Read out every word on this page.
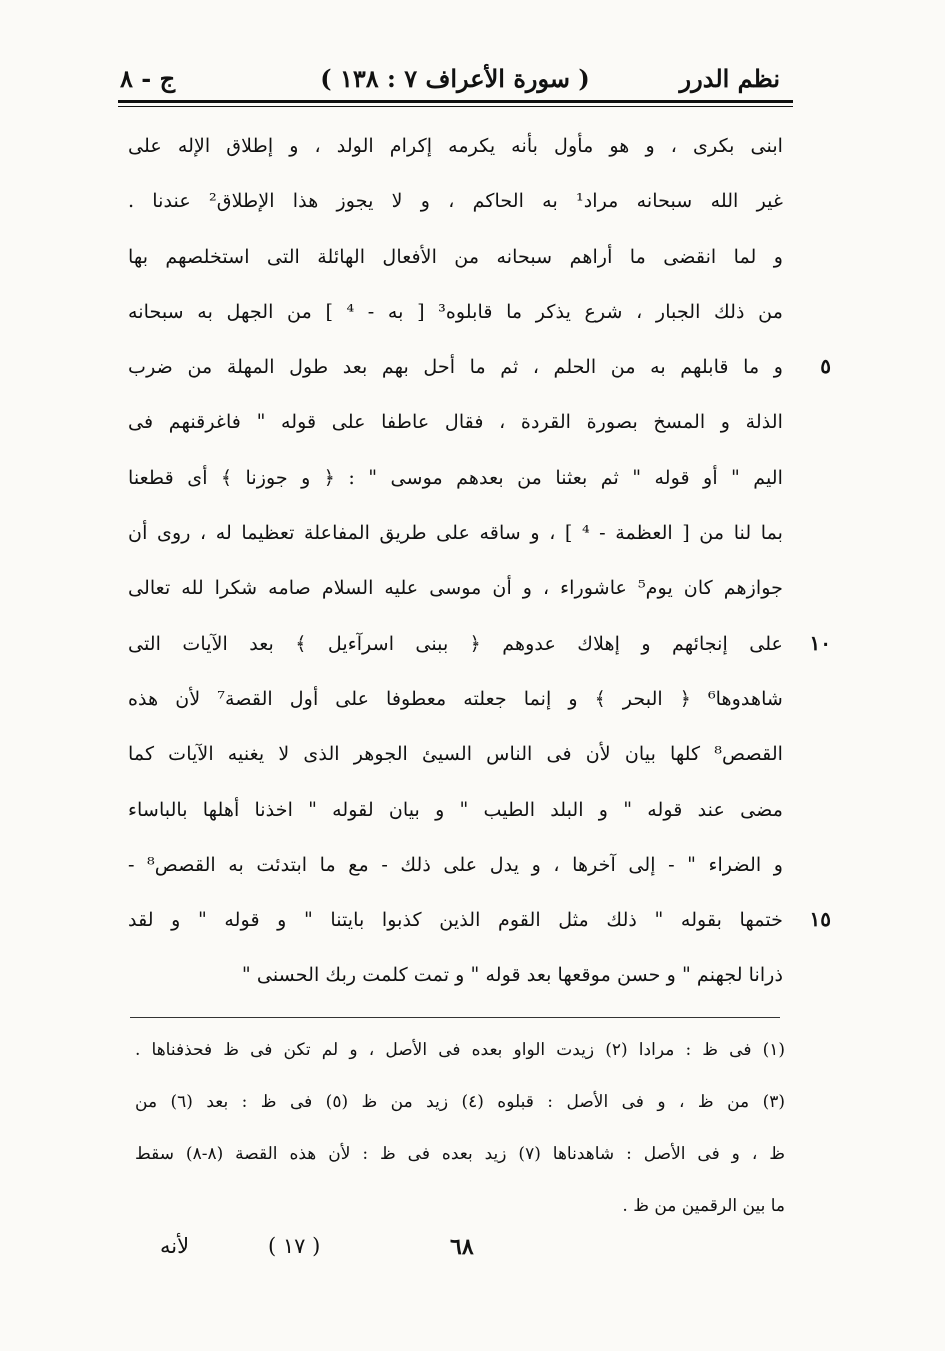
نظم الدرر
( سورة الأعراف ٧ : ١٣٨ )
ج - ٨
ابنى بكرى ، و هو مأول بأنه يكرمه إكرام الولد ، و إطلاق الإله على
غير الله سبحانه مراد¹ به الحاكم ، و لا يجوز هذا الإطلاق² عندنا .
و لما انقضى ما أراهم سبحانه من الأفعال الهائلة التى استخلصهم بها
من ذلك الجبار ، شرع يذكر ما قابلوه³ [ به - ⁴ ] من الجهل به سبحانه
٥
و ما قابلهم به من الحلم ، ثم ما أحل بهم بعد طول المهلة من ضرب
الذلة و المسخ بصورة القردة ، فقال عاطفا على قوله " فاغرقنهم فى
اليم " أو قوله " ثم بعثنا من بعدهم موسى " : ﴿ و جوزنا ﴾ أى قطعنا
بما لنا من [ العظمة - ⁴ ] ، و ساقه على طريق المفاعلة تعظيما له ، روى أن
جوازهم كان يوم⁵ عاشوراء ، و أن موسى عليه السلام صامه شكرا لله تعالى
١٠
على إنجائهم و إهلاك عدوهم ﴿ ببنى اسرآءيل ﴾ بعد الآيات التى
شاهدوها⁶ ﴿ البحر ﴾ و إنما جعلته معطوفا على أول القصة⁷ لأن هذه
القصص⁸ كلها بيان لأن فى الناس السيئ الجوهر الذى لا يغنيه الآيات كما
مضى عند قوله " و البلد الطيب " و بيان لقوله " اخذنا أهلها بالباساء
و الضراء " - إلى آخرها ، و يدل على ذلك - مع ما ابتدئت به القصص⁸ -
١٥
ختمها بقوله " ذلك مثل القوم الذين كذبوا بايتنا " و قوله " و لقد
ذرانا لجهنم " و حسن موقعها بعد قوله " و تمت كلمت ربك الحسنى "
(١) فى ظ : مرادا (٢) زيدت الواو بعده فى الأصل ، و لم تكن فى ظ فحذفناها .
(٣) من ظ ، و فى الأصل : قبلوه (٤) زيد من ظ (٥) فى ظ : بعد (٦) من
ظ ، و فى الأصل : شاهدناها (٧) زيد بعده فى ظ : لأن هذه القصة (٨-٨) سقط
ما بين الرقمين من ظ .
٦٨
( ١٧ )
لأنه
